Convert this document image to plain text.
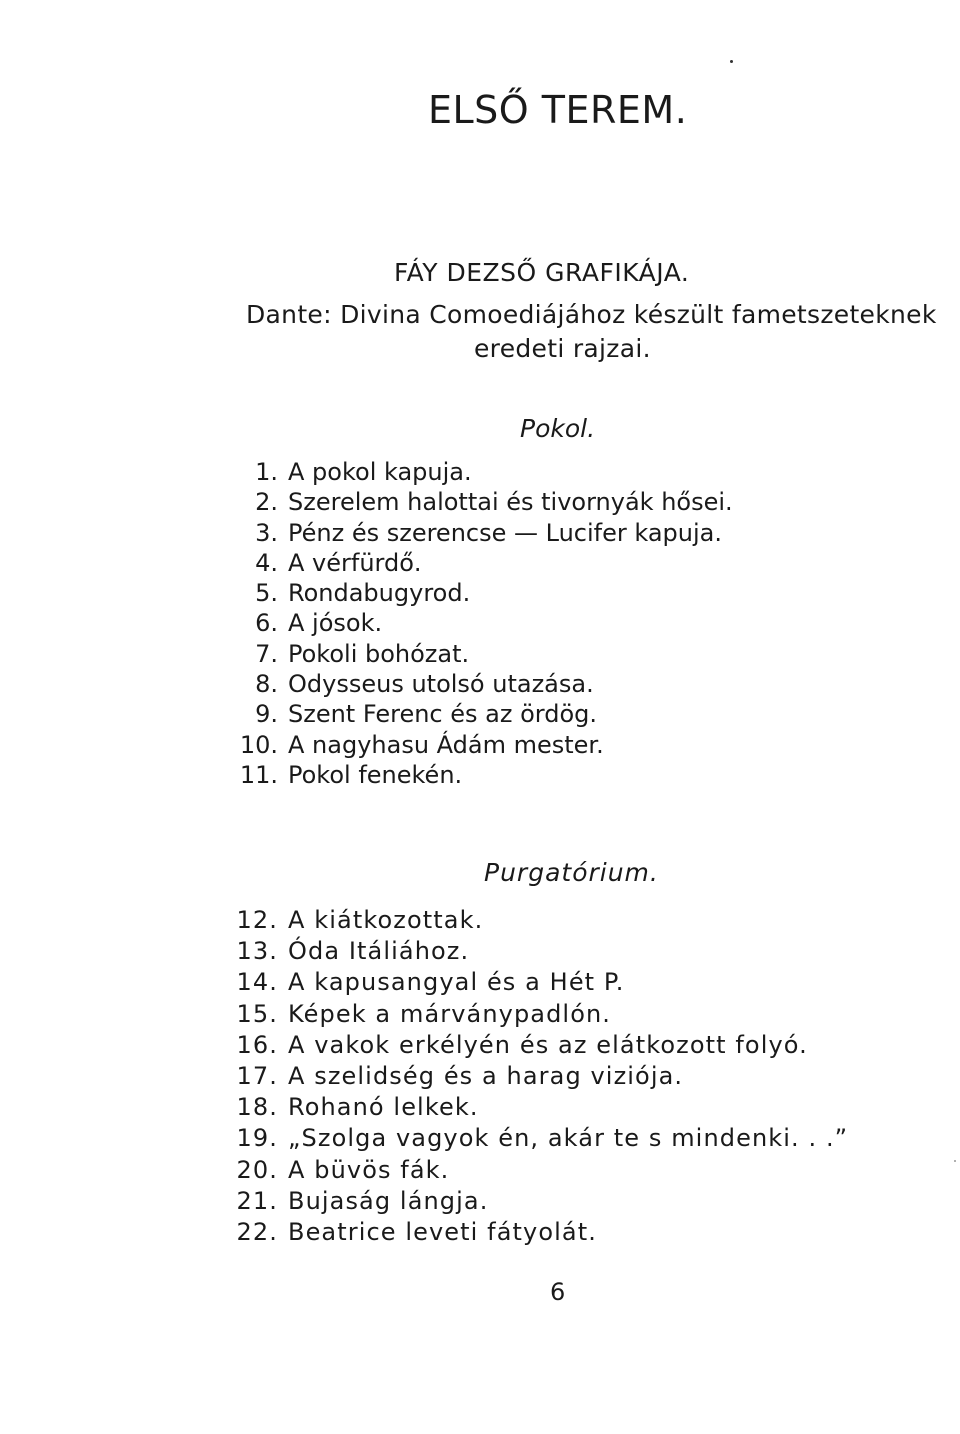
ELSŐ TEREM.
FÁY DEZSŐ GRAFIKÁJA.
Dante: Divina Comoediájához készült fametszeteknek
eredeti rajzai.
Pokol.
1. A pokol kapuja.
2. Szerelem halottai és tivornyák hősei.
3. Pénz és szerencse — Lucifer kapuja.
4. A vérfürdő.
5. Rondabugyrod.
6. A jósok.
7. Pokoli bohózat.
8. Odysseus utolsó utazása.
9. Szent Ferenc és az ördög.
10. A nagyhasu Ádám mester.
11. Pokol fenekén.
Purgatórium.
12. A kiátkozottak.
13. Óda Itáliához.
14. A kapusangyal és a Hét P.
15. Képek a márványpadlón.
16. A vakok erkélyén és az elátkozott folyó.
17. A szelidség és a harag viziója.
18. Rohanó lelkek.
19. „Szolga vagyok én, akár te s mindenki. . .”
20. A büvös fák.
21. Bujaság lángja.
22. Beatrice leveti fátyolát.
6
